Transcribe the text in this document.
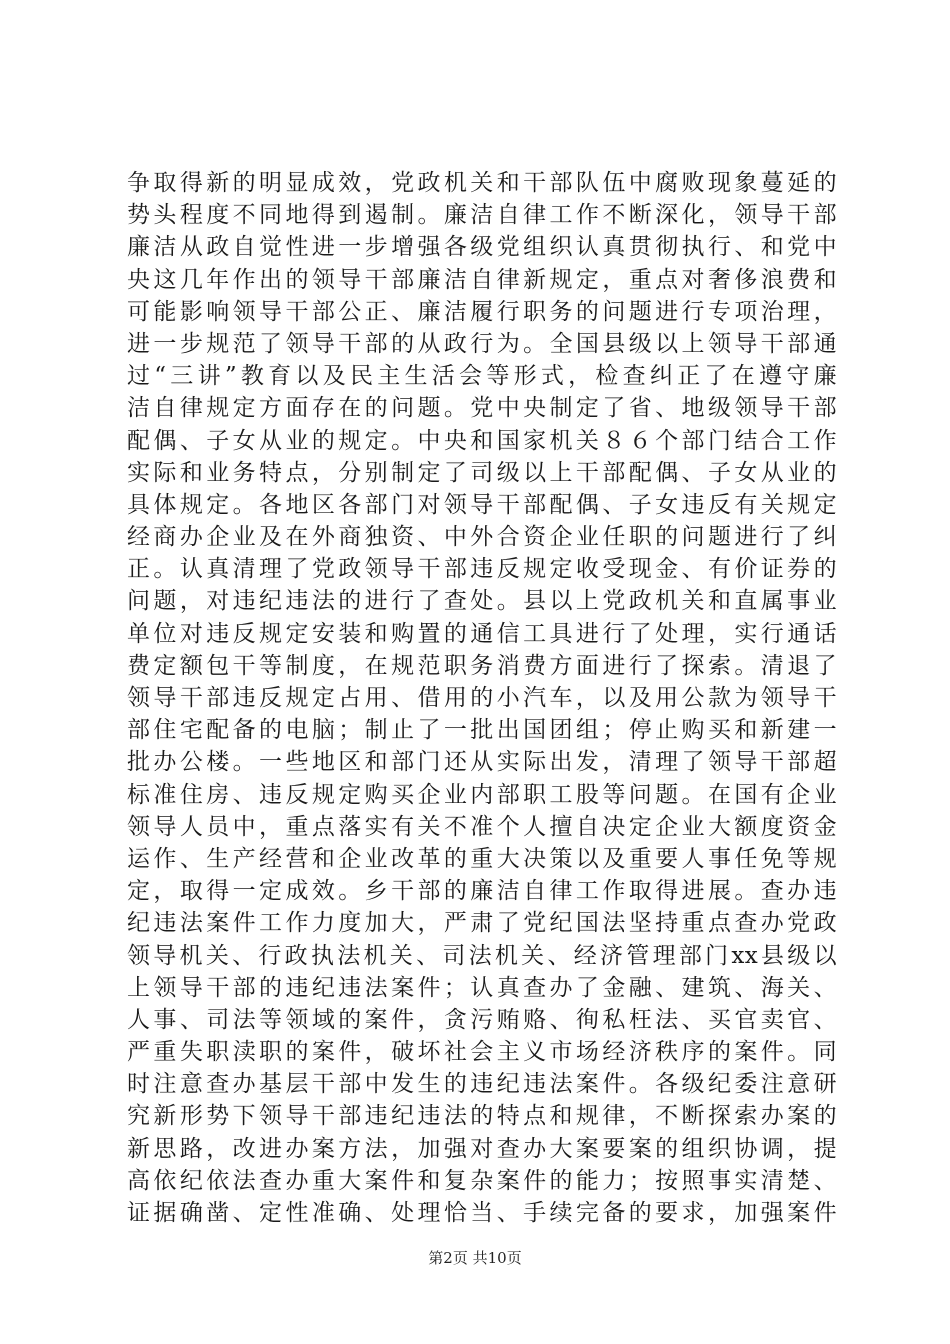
争取得新的明显成效，党政机关和干部队伍中腐败现象蔓延的
势头程度不同地得到遏制。廉洁自律工作不断深化，领导干部
廉洁从政自觉性进一步增强各级党组织认真贯彻执行、和党中
央这几年作出的领导干部廉洁自律新规定，重点对奢侈浪费和
可能影响领导干部公正、廉洁履行职务的问题进行专项治理，
进一步规范了领导干部的从政行为。全国县级以上领导干部通
过“三讲”教育以及民主生活会等形式，检查纠正了在遵守廉
洁自律规定方面存在的问题。党中央制定了省、地级领导干部
配偶、子女从业的规定。中央和国家机关８６个部门结合工作
实际和业务特点，分别制定了司级以上干部配偶、子女从业的
具体规定。各地区各部门对领导干部配偶、子女违反有关规定
经商办企业及在外商独资、中外合资企业任职的问题进行了纠
正。认真清理了党政领导干部违反规定收受现金、有价证券的
问题，对违纪违法的进行了查处。县以上党政机关和直属事业
单位对违反规定安装和购置的通信工具进行了处理，实行通话
费定额包干等制度，在规范职务消费方面进行了探索。清退了
领导干部违反规定占用、借用的小汽车，以及用公款为领导干
部住宅配备的电脑；制止了一批出国团组；停止购买和新建一
批办公楼。一些地区和部门还从实际出发，清理了领导干部超
标准住房、违反规定购买企业内部职工股等问题。在国有企业
领导人员中，重点落实有关不准个人擅自决定企业大额度资金
运作、生产经营和企业改革的重大决策以及重要人事任免等规
定，取得一定成效。乡干部的廉洁自律工作取得进展。查办违
纪违法案件工作力度加大，严肃了党纪国法坚持重点查办党政
领导机关、行政执法机关、司法机关、经济管理部门xx县级以
上领导干部的违纪违法案件；认真查办了金融、建筑、海关、
人事、司法等领域的案件，贪污贿赂、徇私枉法、买官卖官、
严重失职渎职的案件，破坏社会主义市场经济秩序的案件。同
时注意查办基层干部中发生的违纪违法案件。各级纪委注意研
究新形势下领导干部违纪违法的特点和规律，不断探索办案的
新思路，改进办案方法，加强对查办大案要案的组织协调，提
高依纪依法查办重大案件和复杂案件的能力；按照事实清楚、
证据确凿、定性准确、处理恰当、手续完备的要求，加强案件
第2页 共10页
